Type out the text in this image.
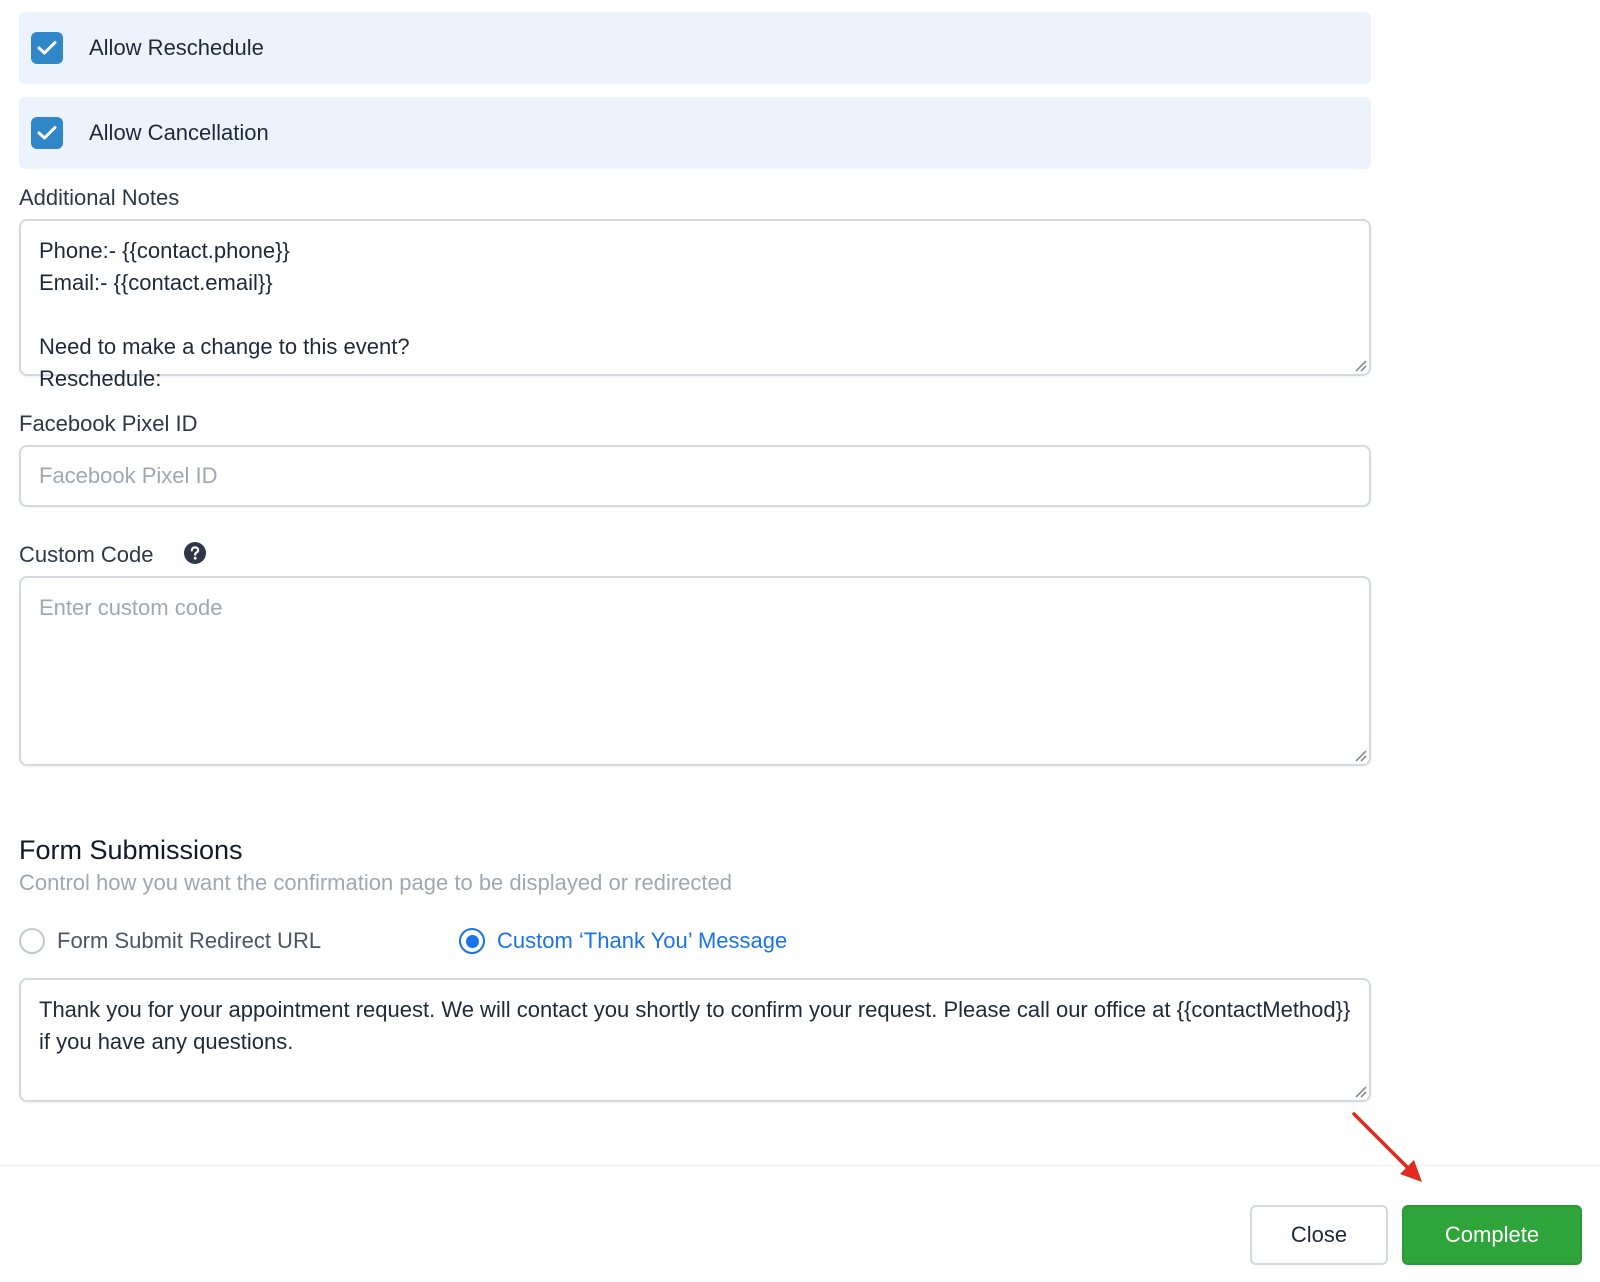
Allow Reschedule
Allow Cancellation
Additional Notes
Phone:- {{contact.phone}}
Email:- {{contact.email}}

Need to make a change to this event?
Reschedule:
Facebook Pixel ID
Facebook Pixel ID
Custom Code
Enter custom code
Form Submissions
Control how you want the confirmation page to be displayed or redirected
Form Submit Redirect URL	Custom ‘Thank You’ Message
Thank you for your appointment request. We will contact you shortly to confirm your request. Please call our office at {{contactMethod}} if you have any questions.
Close	Complete
